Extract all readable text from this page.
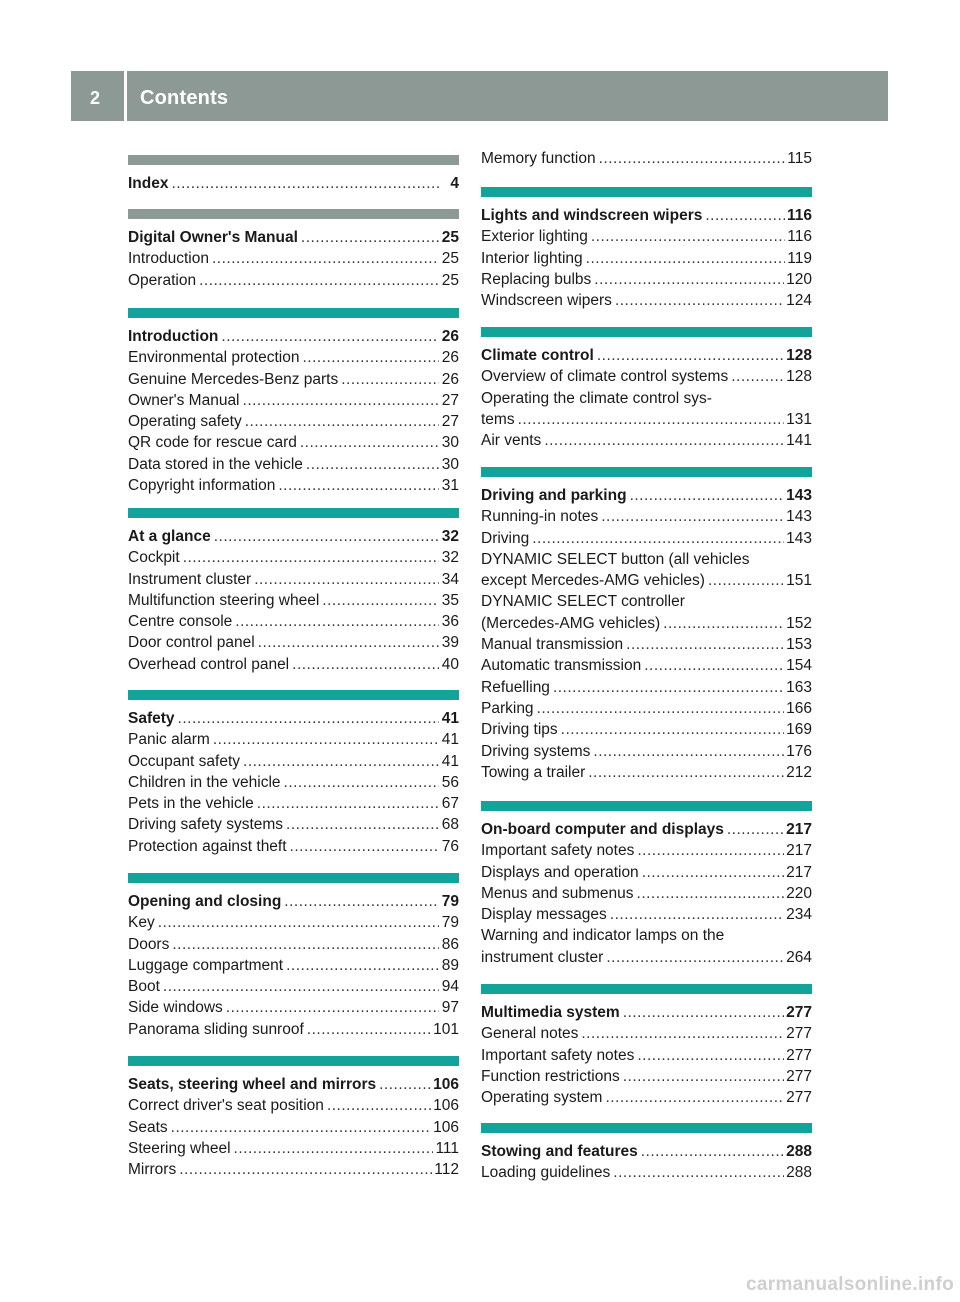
2	Contents
Index .....	4
Digital Owner's Manual .....	25
Introduction .....	25
Operation .....	25
Introduction .....	26
Environmental protection .....	26
Genuine Mercedes-Benz parts .....	26
Owner's Manual .....	27
Operating safety .....	27
QR code for rescue card .....	30
Data stored in the vehicle .....	30
Copyright information .....	31
At a glance .....	32
Cockpit .....	32
Instrument cluster .....	34
Multifunction steering wheel .....	35
Centre console .....	36
Door control panel .....	39
Overhead control panel .....	40
Safety .....	41
Panic alarm .....	41
Occupant safety .....	41
Children in the vehicle .....	56
Pets in the vehicle .....	67
Driving safety systems .....	68
Protection against theft .....	76
Opening and closing .....	79
Key .....	79
Doors .....	86
Luggage compartment .....	89
Boot .....	94
Side windows .....	97
Panorama sliding sunroof .....	101
Seats, steering wheel and mirrors .....	106
Correct driver's seat position .....	106
Seats .....	106
Steering wheel .....	111
Mirrors .....	112
Memory function .....	115
Lights and windscreen wipers .....	116
Exterior lighting .....	116
Interior lighting .....	119
Replacing bulbs .....	120
Windscreen wipers .....	124
Climate control .....	128
Overview of climate control systems .....	128
Operating the climate control sys-
tems .....	131
Air vents .....	141
Driving and parking .....	143
Running-in notes .....	143
Driving .....	143
DYNAMIC SELECT button (all vehicles
except Mercedes-AMG vehicles) .....	151
DYNAMIC SELECT controller
(Mercedes-AMG vehicles) .....	152
Manual transmission .....	153
Automatic transmission .....	154
Refuelling .....	163
Parking .....	166
Driving tips .....	169
Driving systems .....	176
Towing a trailer .....	212
On-board computer and displays .....	217
Important safety notes .....	217
Displays and operation .....	217
Menus and submenus .....	220
Display messages .....	234
Warning and indicator lamps on the
instrument cluster .....	264
Multimedia system .....	277
General notes .....	277
Important safety notes .....	277
Function restrictions .....	277
Operating system .....	277
Stowing and features .....	288
Loading guidelines .....	288
carmanualsonline.info
